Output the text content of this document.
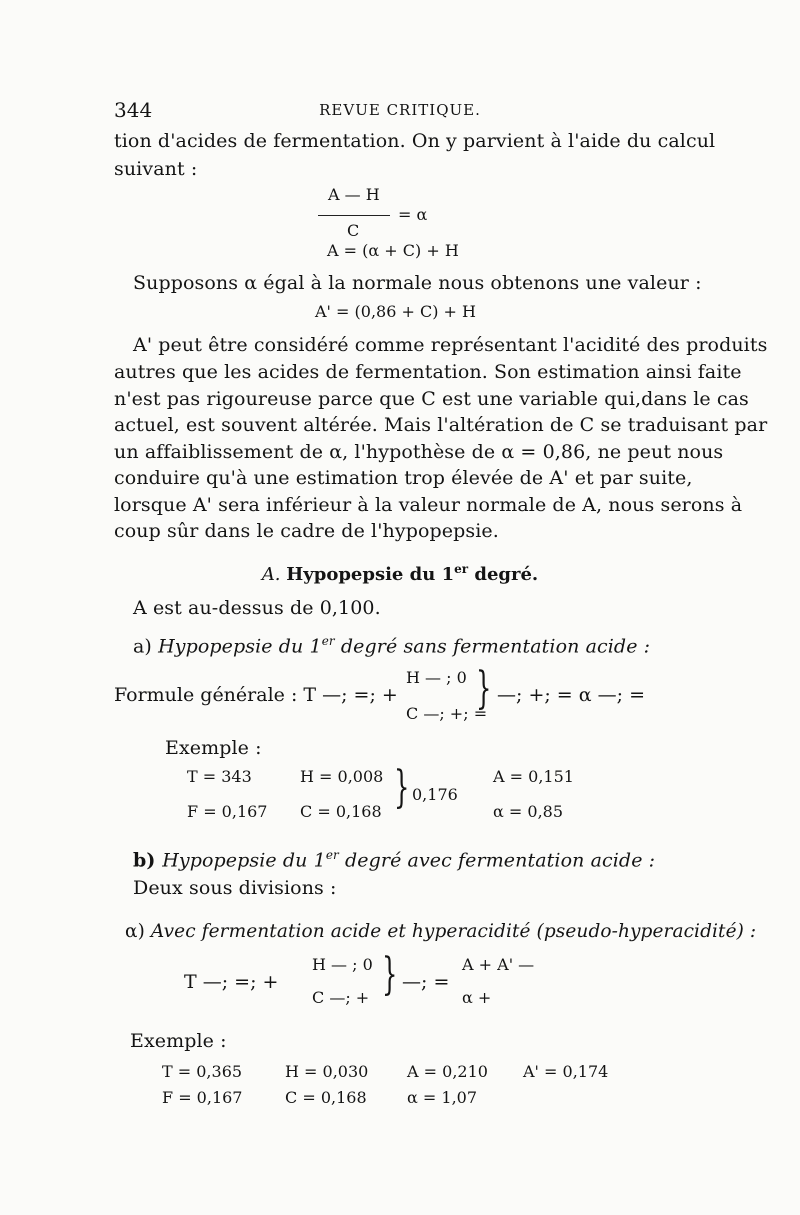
344	REVUE CRITIQUE.
tion d'acides de fermentation. On y parvient à l'aide du calcul
suivant :
A — H
= α
C
A = (α + C) + H
Supposons α égal à la normale nous obtenons une valeur :
A' = (0,86 + C) + H
A' peut être considéré comme représentant l'acidité des produits
autres que les acides de fermentation. Son estimation ainsi faite
n'est pas rigoureuse parce que C est une variable qui,dans le cas
actuel, est souvent altérée. Mais l'altération de C se traduisant par
un affaiblissement de α, l'hypothèse de α = 0,86, ne peut nous
conduire qu'à une estimation trop élevée de A' et par suite,
lorsque A' sera inférieur à la valeur normale de A, nous serons à
coup sûr dans le cadre de l'hypopepsie.
A. Hypopepsie du 1er degré.
A est au-dessus de 0,100.
a) Hypopepsie du 1er degré sans fermentation acide :
Formule générale : T —; =; +
H — ; 0
C —; +; =
} —; +; = α —; =
Exemple :
T = 343
F = 0,167
H = 0,008
C = 0,168 } 0,176
A = 0,151
α = 0,85
b) Hypopepsie du 1er degré avec fermentation acide :
Deux sous divisions :
α) Avec fermentation acide et hyperacidité (pseudo-hyperacidité) :
T —; =; +
H — ; 0
C —; + } —; =
A + A' —
α +
Exemple :
T = 0,365
F = 0,167
H = 0,030
C = 0,168
A = 0,210
α = 1,07
A' = 0,174
